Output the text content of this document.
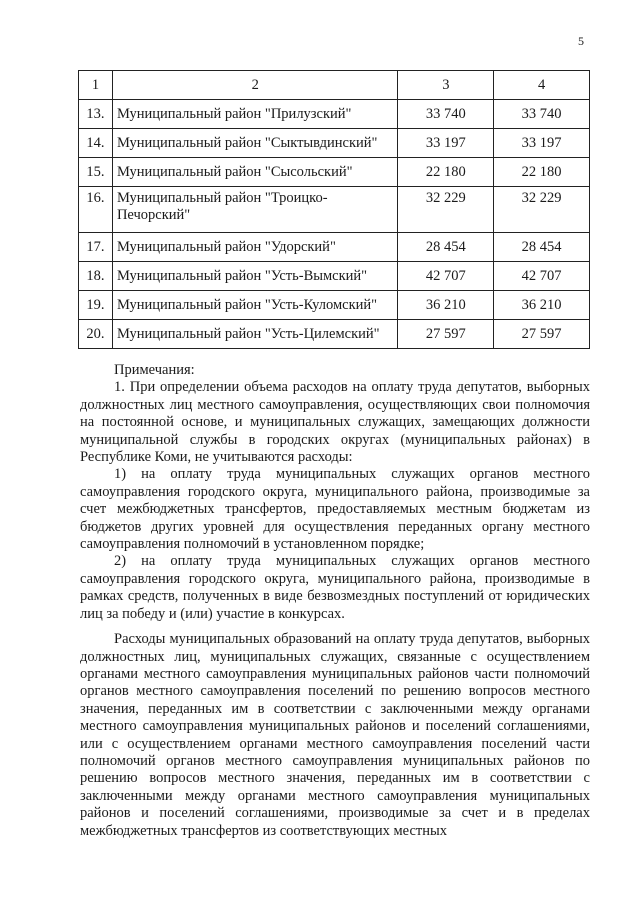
5
1	2	3	4
13.	Муниципальный район "Прилузский"	33 740	33 740
14.	Муниципальный район "Сыктывдинский"	33 197	33 197
15.	Муниципальный район "Сысольский"	22 180	22 180
16.	Муниципальный район "Троицко-Печорский"	32 229	32 229
17.	Муниципальный район "Удорский"	28 454	28 454
18.	Муниципальный район "Усть-Вымский"	42 707	42 707
19.	Муниципальный район "Усть-Куломский"	36 210	36 210
20.	Муниципальный район "Усть-Цилемский"	27 597	27 597

Примечания:

1. При определении объема расходов на оплату труда депутатов, выборных должностных лиц местного самоуправления, осуществляющих свои полномочия на постоянной основе, и муниципальных служащих, замещающих должности муниципальной службы в городских округах (муниципальных районах) в Республике Коми, не учитываются расходы:

1) на оплату труда муниципальных служащих органов местного самоуправления городского округа, муниципального района, производимые за счет межбюджетных трансфертов, предоставляемых местным бюджетам из бюджетов других уровней для осуществления переданных органу местного самоуправления полномочий в установленном порядке;

2) на оплату труда муниципальных служащих органов местного самоуправления городского округа, муниципального района, производимые в рамках средств, полученных в виде безвозмездных поступлений от юридических лиц за победу и (или) участие в конкурсах.

Расходы муниципальных образований на оплату труда депутатов, выборных должностных лиц, муниципальных служащих, связанные с осуществлением органами местного самоуправления муниципальных районов части полномочий органов местного самоуправления поселений по решению вопросов местного значения, переданных им в соответствии с заключенными между органами местного самоуправления муниципальных районов и поселений соглашениями, или с осуществлением органами местного самоуправления поселений части полномочий органов местного самоуправления муниципальных районов по решению вопросов местного значения, переданных им в соответствии с заключенными между органами местного самоуправления муниципальных районов и поселений соглашениями, производимые за счет и в пределах межбюджетных трансфертов из соответствующих местных
